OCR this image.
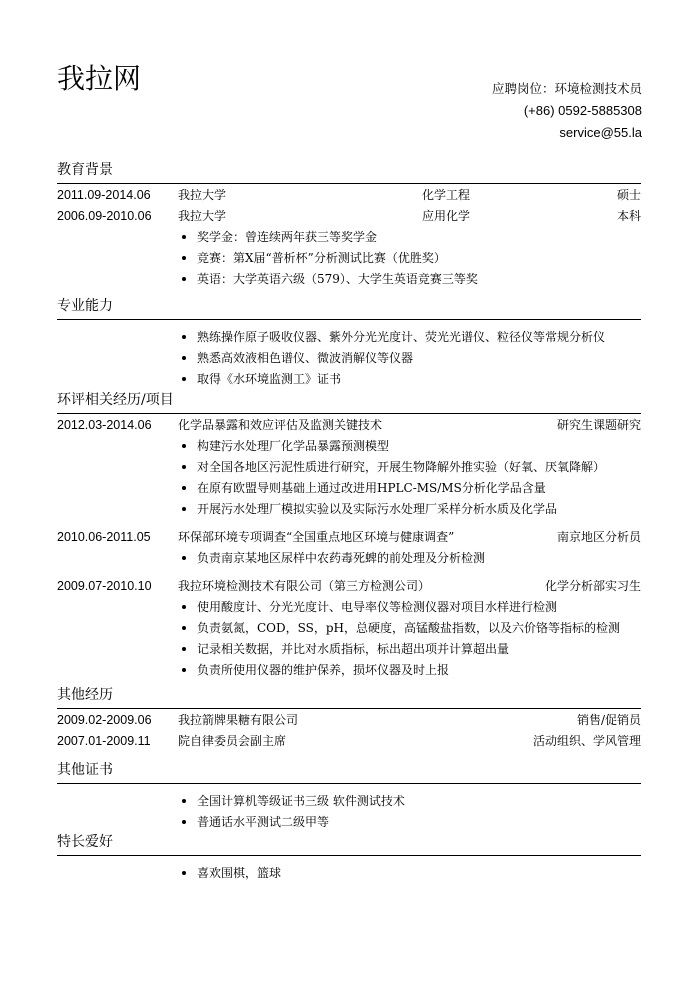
我拉网	应聘岗位：环境检测技术员
(+86) 0592-5885308
service@55.la
教育背景
2011.09-2014.06 我拉大学	化学工程	硕士
2006.09-2010.06 我拉大学	应用化学	本科
奖学金：曾连续两年获三等奖学金
竞赛：第X届“普析杯”分析测试比赛（优胜奖）
英语：大学英语六级（579）、大学生英语竞赛三等奖
专业能力
熟练操作原子吸收仪器、紫外分光光度计、荧光光谱仪、粒径仪等常规分析仪
熟悉高效液相色谱仪、微波消解仪等仪器
取得《水环境监测工》证书
环评相关经历/项目
2012.03-2014.06 化学品暴露和效应评估及监测关键技术	研究生课题研究
构建污水处理厂化学品暴露预测模型
对全国各地区污泥性质进行研究，开展生物降解外推实验（好氧、厌氧降解）
在原有欧盟导则基础上通过改进用HPLC-MS/MS分析化学品含量
开展污水处理厂模拟实验以及实际污水处理厂采样分析水质及化学品
2010.06-2011.05 环保部环境专项调查“全国重点地区环境与健康调查”	南京地区分析员
负责南京某地区尿样中农药毒死蜱的前处理及分析检测
2009.07-2010.10 我拉环境检测技术有限公司（第三方检测公司）	化学分析部实习生
使用酸度计、分光光度计、电导率仪等检测仪器对项目水样进行检测
负责氨氮，COD，SS，pH，总硬度，高锰酸盐指数，以及六价铬等指标的检测
记录相关数据，并比对水质指标，标出超出项并计算超出量
负责所使用仪器的维护保养，损坏仪器及时上报
其他经历
2009.02-2009.06 我拉箭牌果糖有限公司	销售/促销员
2007.01-2009.11 院自律委员会副主席	活动组织、学风管理
其他证书
全国计算机等级证书三级 软件测试技术
普通话水平测试二级甲等
特长爱好
喜欢围棋，篮球
